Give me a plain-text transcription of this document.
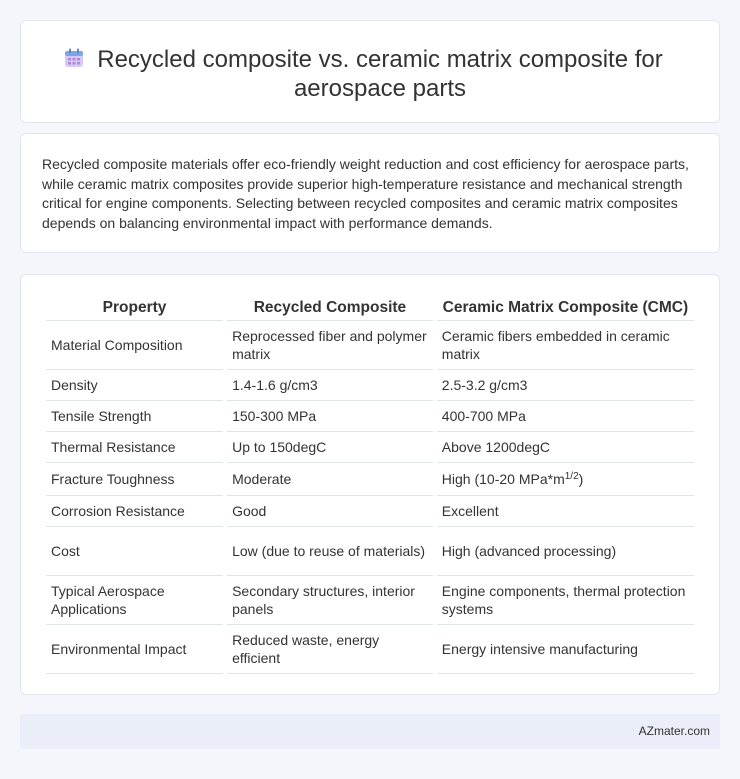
Recycled composite vs. ceramic matrix composite for aerospace parts

Recycled composite materials offer eco-friendly weight reduction and cost efficiency for aerospace parts, while ceramic matrix composites provide superior high-temperature resistance and mechanical strength critical for engine components. Selecting between recycled composites and ceramic matrix composites depends on balancing environmental impact with performance demands.

Property	Recycled Composite	Ceramic Matrix Composite (CMC)
Material Composition	Reprocessed fiber and polymer matrix	Ceramic fibers embedded in ceramic matrix
Density	1.4-1.6 g/cm3	2.5-3.2 g/cm3
Tensile Strength	150-300 MPa	400-700 MPa
Thermal Resistance	Up to 150degC	Above 1200degC
Fracture Toughness	Moderate	High (10-20 $MPa*m^{1/2}$)
Corrosion Resistance	Good	Excellent
Cost	Low (due to reuse of materials)	High (advanced processing)
Typical Aerospace Applications	Secondary structures, interior panels	Engine components, thermal protection systems
Environmental Impact	Reduced waste, energy efficient	Energy intensive manufacturing
AZmater.com
